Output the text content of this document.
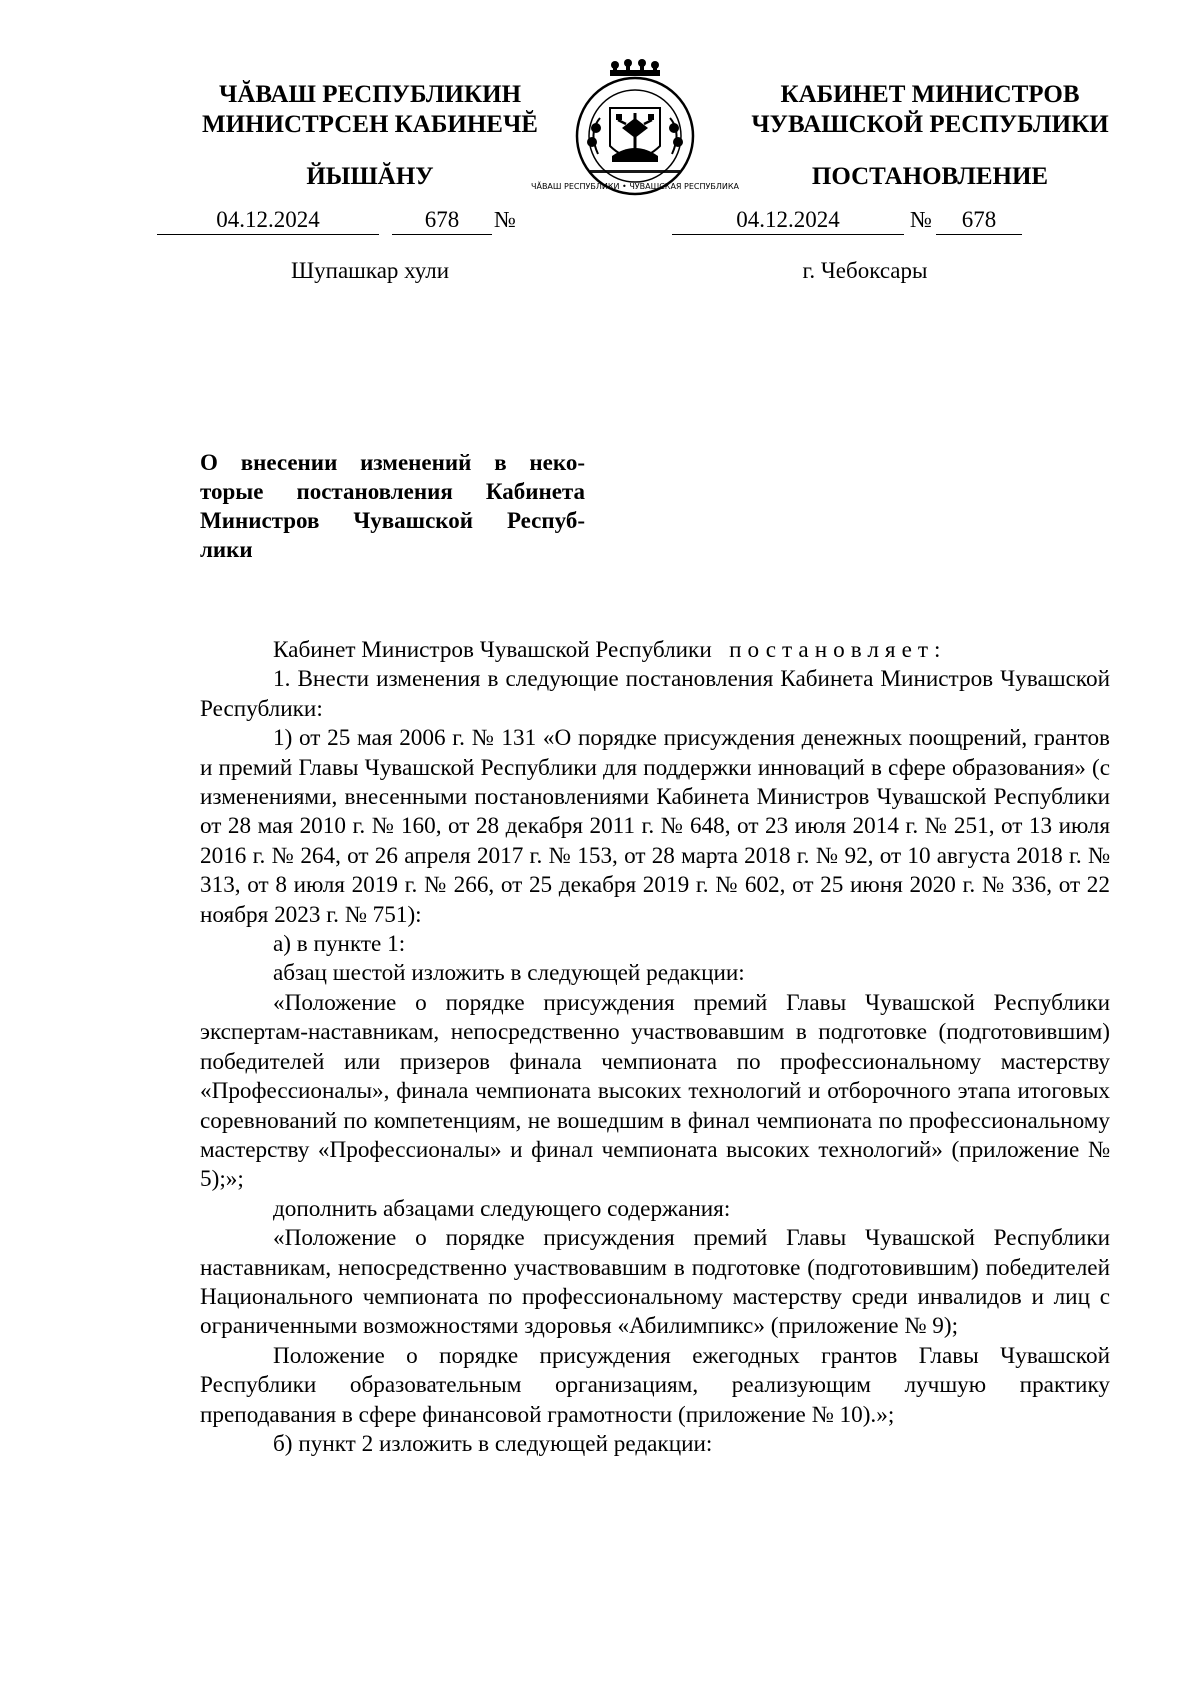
ЧĂВАШ РЕСПУБЛИКИН
МИНИСТРСЕН КАБИНЕЧĔ
ЙЫШĂНУ
КАБИНЕТ МИНИСТРОВ
ЧУВАШСКОЙ РЕСПУБЛИКИ
ПОСТАНОВЛЕНИЕ
ЧĂВАШ РЕСПУБЛИКИ • ЧУВАШСКАЯ РЕСПУБЛИКА
04.12.2024	678	№	04.12.2024	№	678
Шупашкар хули	г. Чебоксары
О внесении изменений в неко-
торые постановления Кабинета
Министров Чувашской Респуб-
лики

Кабинет Министров Чувашской Республики постановляет:

1. Внести изменения в следующие постановления Кабинета Министров Чувашской Республики:

1) от 25 мая 2006 г. № 131 «О порядке присуждения денежных поощрений, грантов и премий Главы Чувашской Республики для поддержки инноваций в сфере образования» (с изменениями, внесенными постановлениями Кабинета Министров Чувашской Республики от 28 мая 2010 г. № 160, от 28 декабря 2011 г. № 648, от 23 июля 2014 г. № 251, от 13 июля 2016 г. № 264, от 26 апреля 2017 г. № 153, от 28 марта 2018 г. № 92, от 10 августа 2018 г. № 313, от 8 июля 2019 г. № 266, от 25 декабря 2019 г. № 602, от 25 июня 2020 г. № 336, от 22 ноября 2023 г. № 751):

а) в пункте 1:

абзац шестой изложить в следующей редакции:

«Положение о порядке присуждения премий Главы Чувашской Республики экспертам-наставникам, непосредственно участвовавшим в подготовке (подготовившим) победителей или призеров финала чемпионата по профессиональному мастерству «Профессионалы», финала чемпионата высоких технологий и отборочного этапа итоговых соревнований по компетенциям, не вошедшим в финал чемпионата по профессиональному мастерству «Профессионалы» и финал чемпионата высоких технологий» (приложение № 5);»;

дополнить абзацами следующего содержания:

«Положение о порядке присуждения премий Главы Чувашской Республики наставникам, непосредственно участвовавшим в подготовке (подготовившим) победителей Национального чемпионата по профессиональному мастерству среди инвалидов и лиц с ограниченными возможностями здоровья «Абилимпикс» (приложение № 9);

Положение о порядке присуждения ежегодных грантов Главы Чувашской Республики образовательным организациям, реализующим лучшую практику преподавания в сфере финансовой грамотности (приложение № 10).»;

б) пункт 2 изложить в следующей редакции:
